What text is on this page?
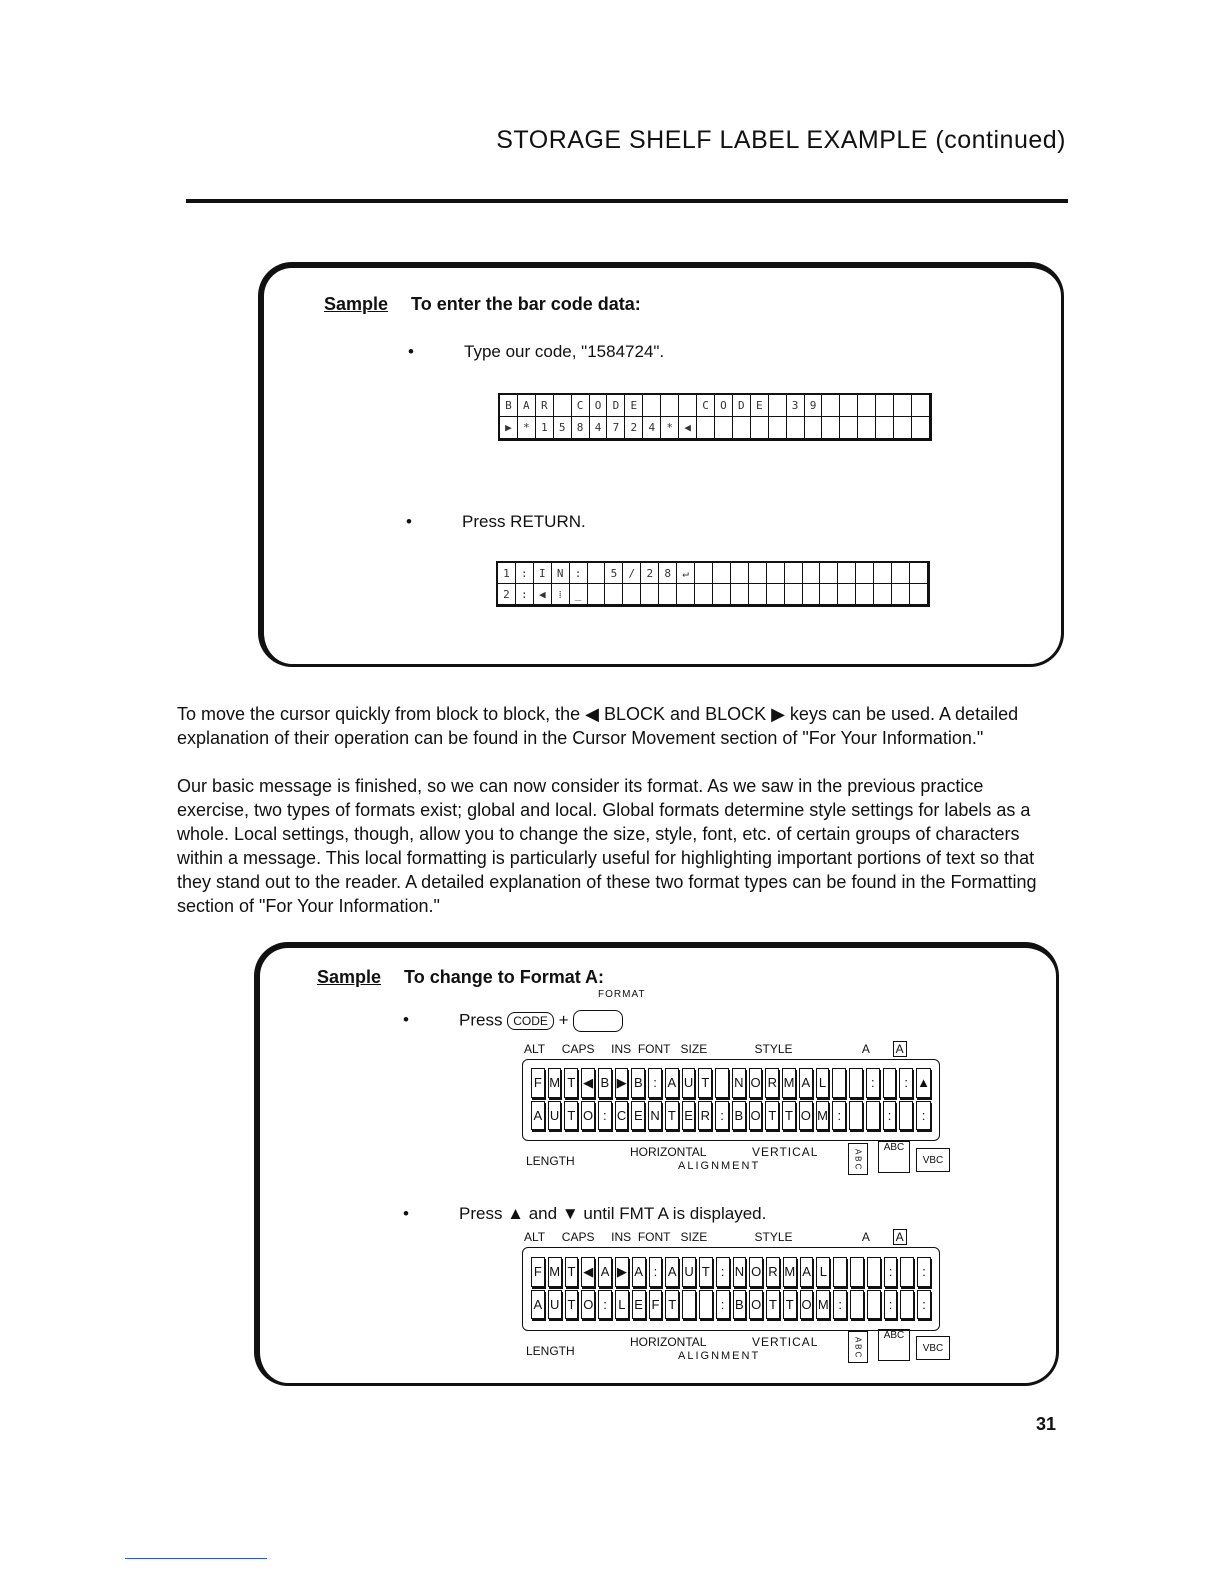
STORAGE SHELF LABEL EXAMPLE (continued)
Sample To enter the bar code data:
•	Type our code, "1584724".
B	A	R	C	O	D	E	C	O	D	E	3	9
▶	*	1	5	8	4	7	2	4	*	◀
•	Press RETURN.
1	:	I	N	:	5	/	2	8	↵
2	:	◀	⁞	_

To move the cursor quickly from block to block, the ◀ BLOCK and BLOCK ▶ keys can be used. A detailed explanation of their operation can be found in the Cursor Movement section of "For Your Information."

Our basic message is finished, so we can now consider its format. As we saw in the previous practice exercise, two types of formats exist; global and local. Global formats determine style settings for labels as a whole. Local settings, though, allow you to change the size, style, font, etc. of certain groups of characters within a message. This local formatting is particularly useful for highlighting important portions of text so that they stand out to the reader. A detailed explanation of these two format types can be found in the Formatting section of "For Your Information."

Sample To change to Format A:
FORMAT
•	Press CODE +
ALT CAPS INS FONT SIZE	STYLE	A A
F M T ◀ B ▶ B : A U T N O R M A L	:	: ▲
A U T O : C E N T E R : B O T T O M :	:	:
LENGTH
HORIZONTAL	VERTICAL
ALIGNMENT	A B C
ABC
VBC
•	Press ▲ and ▼ until FMT A is displayed.
ALT CAPS INS FONT SIZE	STYLE	A A
F M T ◀ A ▶ A : A U T : N O R M A L	:	:
A U T O : L E F T	: B O T T O M :	:	:
LENGTH
HORIZONTAL	VERTICAL
ALIGNMENT	A B C
ABC
VBC
31
